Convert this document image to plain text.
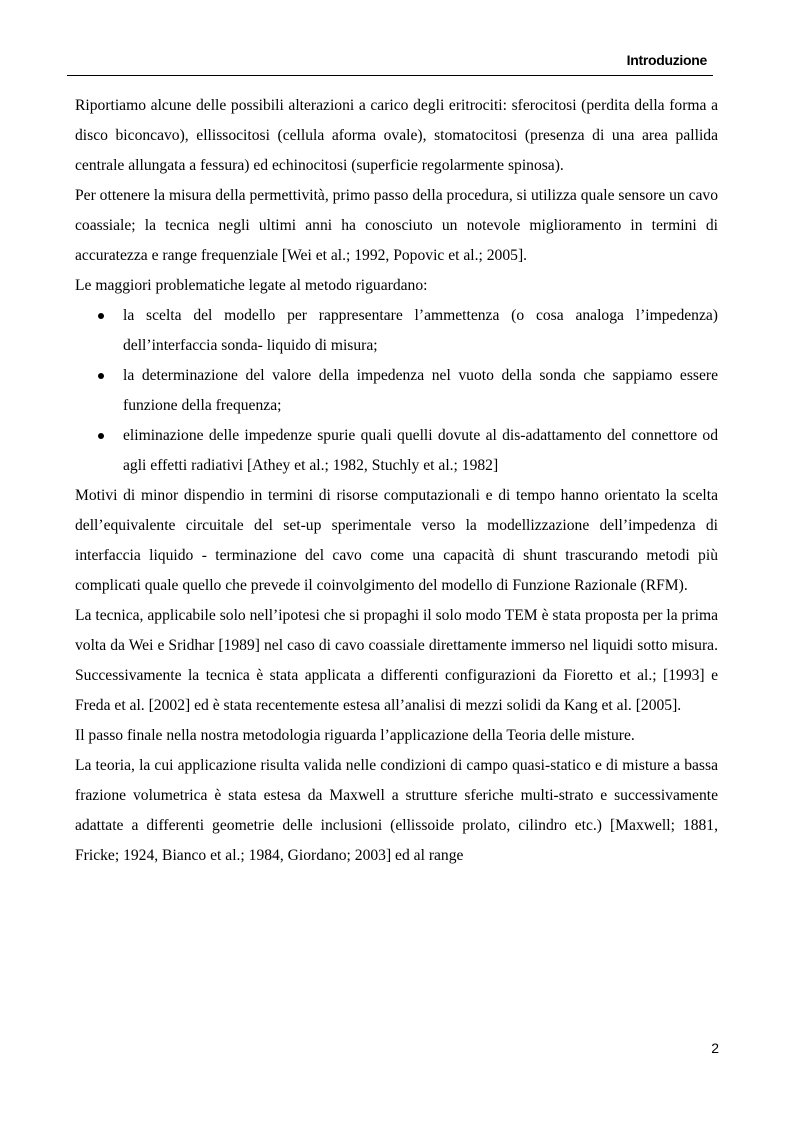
Introduzione

Riportiamo alcune delle possibili alterazioni a carico degli eritrociti: sferocitosi (perdita della forma a disco biconcavo), ellissocitosi (cellula aforma ovale), stomatocitosi (presenza di una area pallida centrale allungata a fessura) ed echinocitosi (superficie regolarmente spinosa).

Per ottenere la misura della permettività, primo passo della procedura, si utilizza quale sensore un cavo coassiale; la tecnica negli ultimi anni ha conosciuto un notevole miglioramento in termini di accuratezza e range frequenziale [Wei et al.; 1992, Popovic et al.; 2005].

Le maggiori problematiche legate al metodo riguardano:

la scelta del modello per rappresentare l’ammettenza (o cosa analoga l’impedenza) dell’interfaccia sonda- liquido di misura;
la determinazione del valore della impedenza nel vuoto della sonda che sappiamo essere funzione della frequenza;
eliminazione delle impedenze spurie quali quelli dovute al dis-adattamento del connettore od agli effetti radiativi [Athey et al.; 1982, Stuchly et al.; 1982]

Motivi di minor dispendio in termini di risorse computazionali e di tempo hanno orientato la scelta dell’equivalente circuitale del set-up sperimentale verso la modellizzazione dell’impedenza di interfaccia liquido - terminazione del cavo come una capacità di shunt trascurando metodi più complicati quale quello che prevede il coinvolgimento del modello di Funzione Razionale (RFM).

La tecnica, applicabile solo nell’ipotesi che si propaghi il solo modo TEM è stata proposta per la prima volta da Wei e Sridhar [1989] nel caso di cavo coassiale direttamente immerso nel liquidi sotto misura. Successivamente la tecnica è stata applicata a differenti configurazioni da Fioretto et al.; [1993] e Freda et al. [2002] ed è stata recentemente estesa all’analisi di mezzi solidi da Kang et al. [2005].

Il passo finale nella nostra metodologia riguarda l’applicazione della Teoria delle misture.

La teoria, la cui applicazione risulta valida nelle condizioni di campo quasi-statico e di misture a bassa frazione volumetrica è stata estesa da Maxwell a strutture sferiche multi-strato e successivamente adattate a differenti geometrie delle inclusioni (ellissoide prolato, cilindro etc.) [Maxwell; 1881, Fricke; 1924, Bianco et al.; 1984, Giordano; 2003] ed al range

2
